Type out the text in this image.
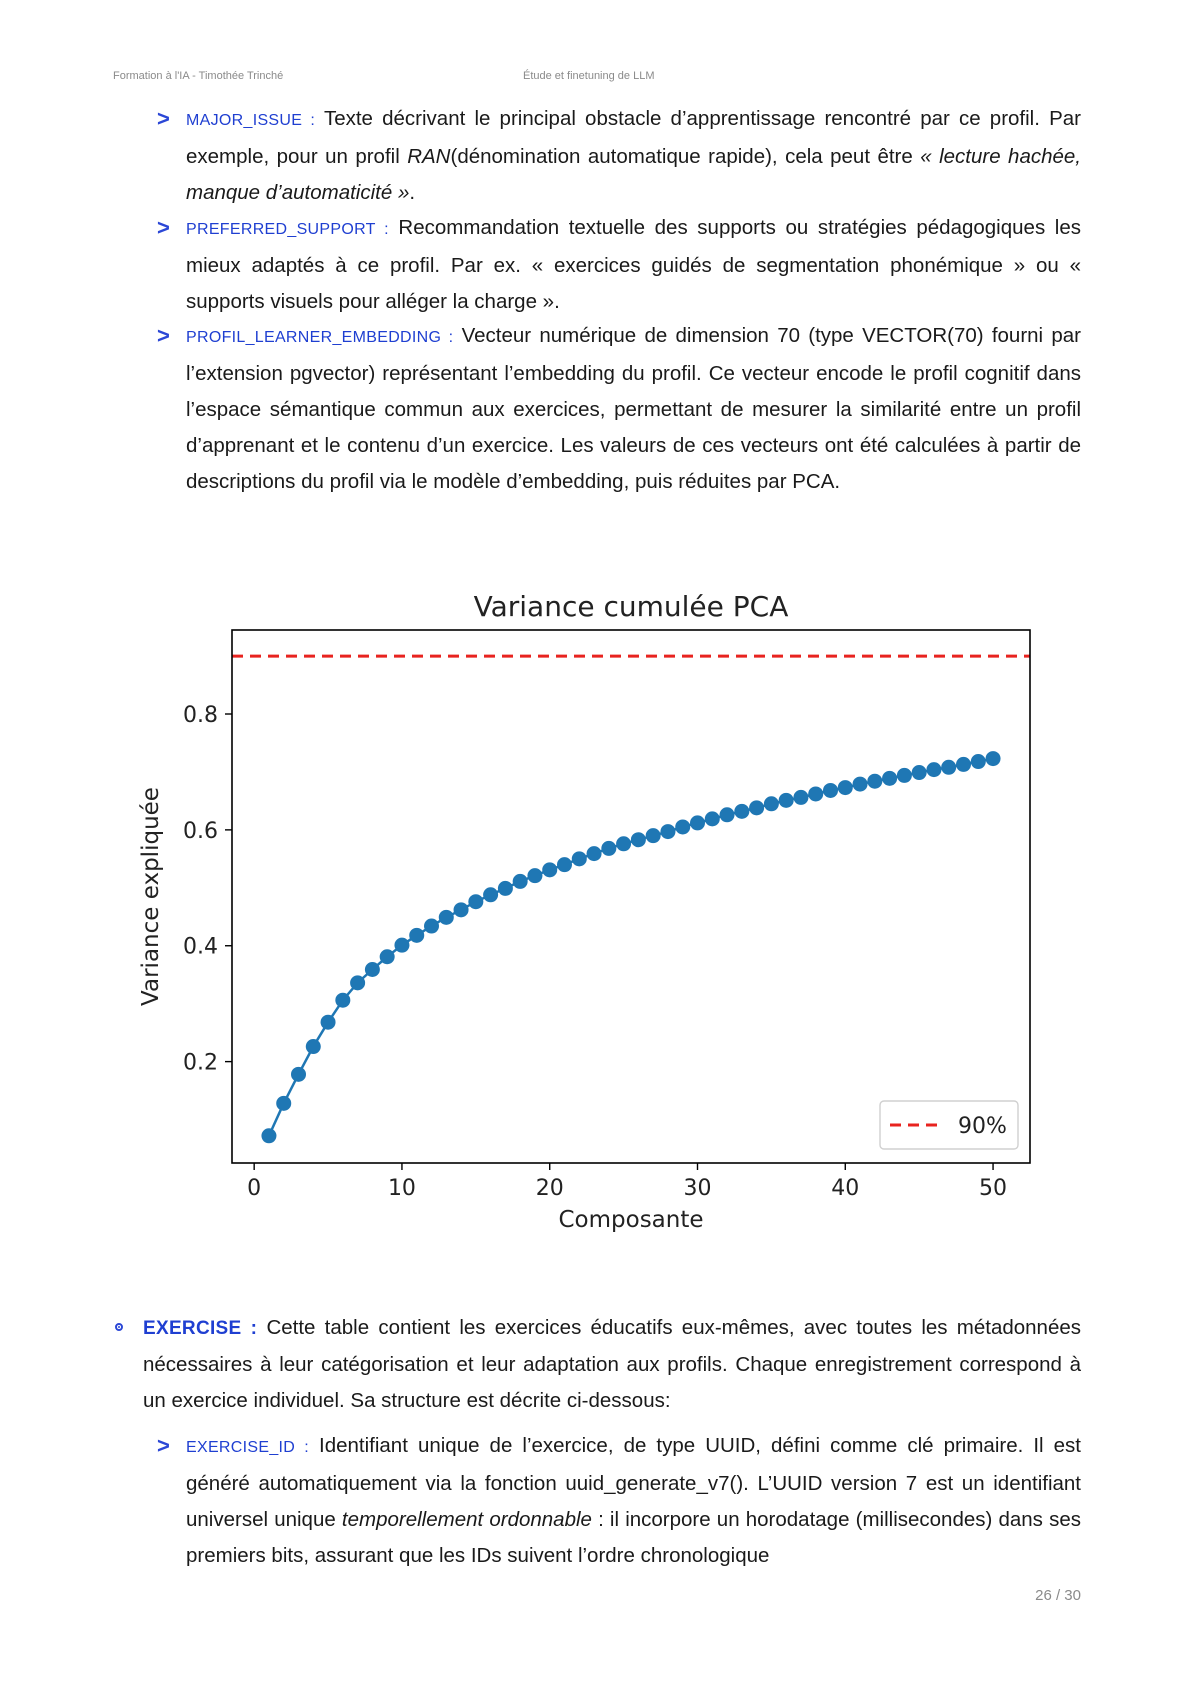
Formation à l'IA - Timothée Trinché	Étude et finetuning de LLM
> MAJOR_ISSUE : Texte décrivant le principal obstacle d’apprentissage rencontré par ce profil. Par exemple, pour un profil RAN(dénomination automatique rapide), cela peut être « lecture hachée, manque d’automaticité ».
> PREFERRED_SUPPORT : Recommandation textuelle des supports ou stratégies pédagogiques les mieux adaptés à ce profil. Par ex. « exercices guidés de segmentation phonémique » ou « supports visuels pour alléger la charge ».
> PROFIL_LEARNER_EMBEDDING : Vecteur numérique de dimension 70 (type VECTOR(70) fourni par l’extension pgvector) représentant l’embedding du profil. Ce vecteur encode le profil cognitif dans l’espace sémantique commun aux exercices, permettant de mesurer la similarité entre un profil d’apprenant et le contenu d’un exercice. Les valeurs de ces vecteurs ont été calculées à partir de descriptions du profil via le modèle d’embedding, puis réduites par PCA.
Variance cumulée PCA
0	10	20	30	40	50
0.2
0.4
0.6
0.8
Composante
Variance expliquée
90%
EXERCISE : Cette table contient les exercices éducatifs eux-mêmes, avec toutes les métadonnées nécessaires à leur catégorisation et leur adaptation aux profils. Chaque enregistrement correspond à un exercice individuel. Sa structure est décrite ci-dessous:
> EXERCISE_ID : Identifiant unique de l’exercice, de type UUID, défini comme clé primaire. Il est généré automatiquement via la fonction uuid_generate_v7(). L’UUID version 7 est un identifiant universel unique temporellement ordonnable : il incorpore un horodatage (millisecondes) dans ses premiers bits, assurant que les IDs suivent l’ordre chronologique
26 / 30
